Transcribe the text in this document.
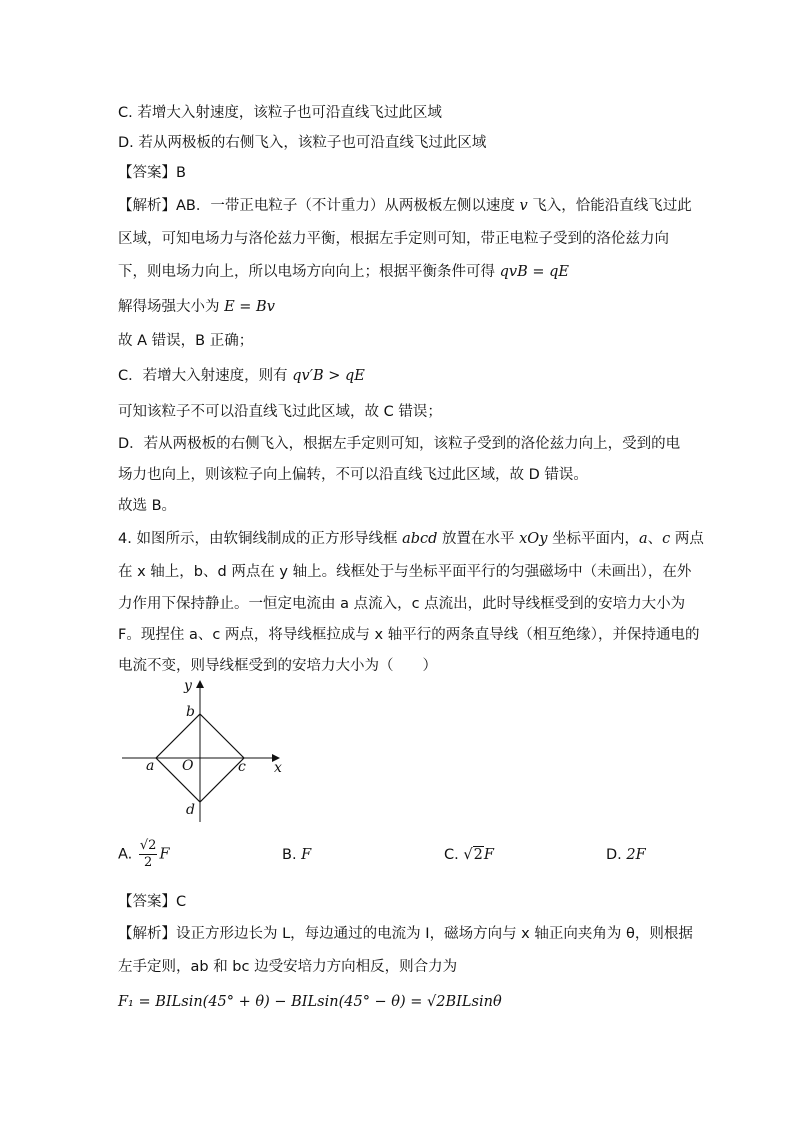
C. 若增大入射速度，该粒子也可沿直线飞过此区域
D. 若从两极板的右侧飞入，该粒子也可沿直线飞过此区域
【答案】B
【解析】AB．一带正电粒子（不计重力）从两极板左侧以速度 v 飞入，恰能沿直线飞过此
区域，可知电场力与洛伦兹力平衡，根据左手定则可知，带正电粒子受到的洛伦兹力向
下，则电场力向上，所以电场方向向上；根据平衡条件可得 qvB = qE
解得场强大小为 E = Bv
故 A 错误，B 正确；
C．若增大入射速度，则有 qv′B > qE
可知该粒子不可以沿直线飞过此区域，故 C 错误；
D．若从两极板的右侧飞入，根据左手定则可知，该粒子受到的洛伦兹力向上，受到的电
场力也向上，则该粒子向上偏转，不可以沿直线飞过此区域，故 D 错误。
故选 B。
4. 如图所示，由软铜线制成的正方形导线框 abcd 放置在水平 xOy 坐标平面内，a、c 两点
在 x 轴上，b、d 两点在 y 轴上。线框处于与坐标平面平行的匀强磁场中（未画出），在外
力作用下保持静止。一恒定电流由 a 点流入，c 点流出，此时导线框受到的安培力大小为
F。现捏住 a、c 两点，将导线框拉成与 x 轴平行的两条直导线（相互绝缘），并保持通电的
电流不变，则导线框受到的安培力大小为（　　）
y
x
b
a O	c
d
A. $\frac{√2}{2}$ F	B. F	C. √2F	D. 2F
【答案】C
【解析】设正方形边长为 L，每边通过的电流为 I，磁场方向与 x 轴正向夹角为 θ，则根据
左手定则，ab 和 bc 边受安培力方向相反，则合力为
F₁ = BILsin(45° + θ) − BILsin(45° − θ) = √2BILsinθ
